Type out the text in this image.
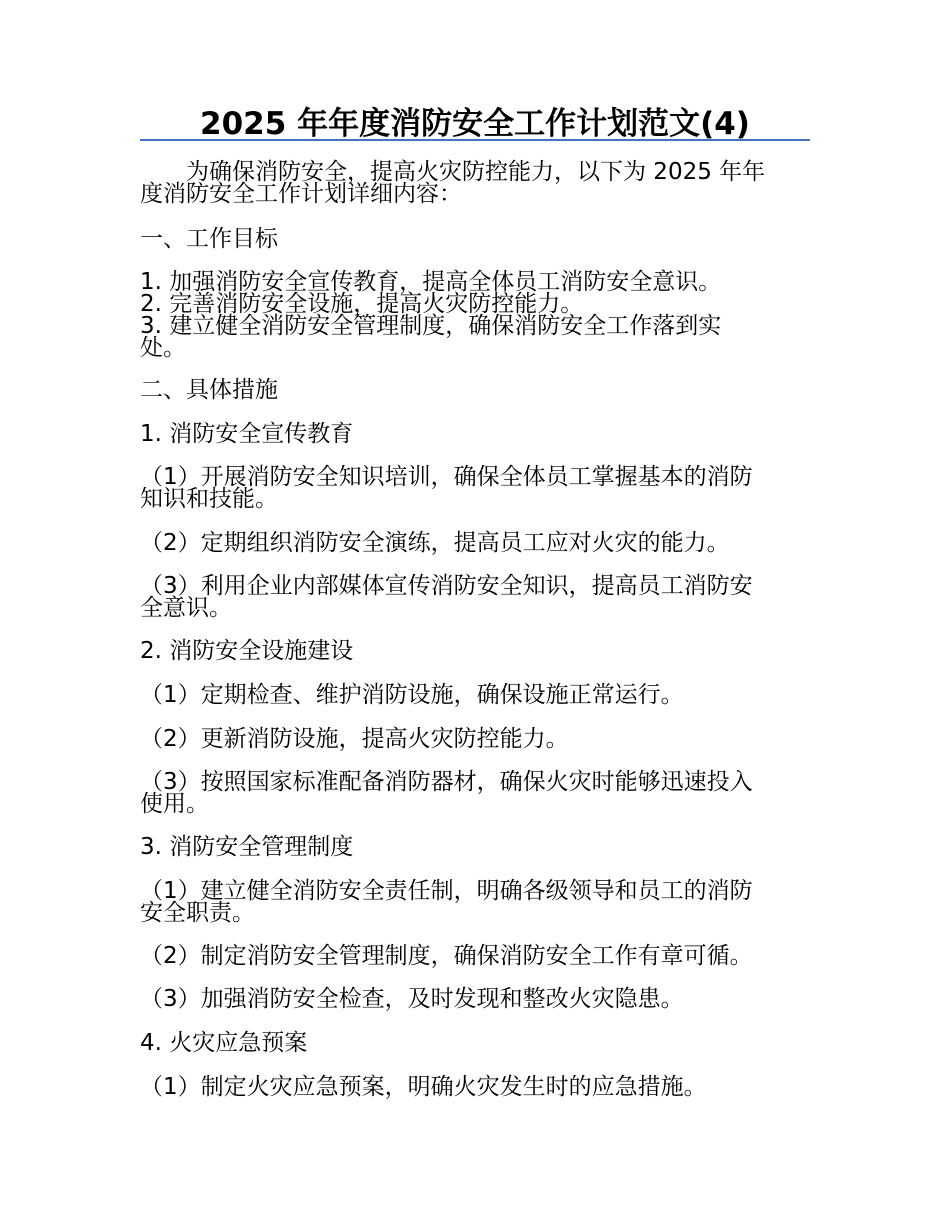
2025 年年度消防安全工作计划范文(4)
　　为确保消防安全，提高火灾防控能力，以下为 2025 年年
度消防安全工作计划详细内容：
一、工作目标
1. 加强消防安全宣传教育，提高全体员工消防安全意识。
2. 完善消防安全设施，提高火灾防控能力。
3. 建立健全消防安全管理制度，确保消防安全工作落到实
处。
二、具体措施
1. 消防安全宣传教育
（1）开展消防安全知识培训，确保全体员工掌握基本的消防
知识和技能。
（2）定期组织消防安全演练，提高员工应对火灾的能力。
（3）利用企业内部媒体宣传消防安全知识，提高员工消防安
全意识。
2. 消防安全设施建设
（1）定期检查、维护消防设施，确保设施正常运行。
（2）更新消防设施，提高火灾防控能力。
（3）按照国家标准配备消防器材，确保火灾时能够迅速投入
使用。
3. 消防安全管理制度
（1）建立健全消防安全责任制，明确各级领导和员工的消防
安全职责。
（2）制定消防安全管理制度，确保消防安全工作有章可循。
（3）加强消防安全检查，及时发现和整改火灾隐患。
4. 火灾应急预案
（1）制定火灾应急预案，明确火灾发生时的应急措施。
